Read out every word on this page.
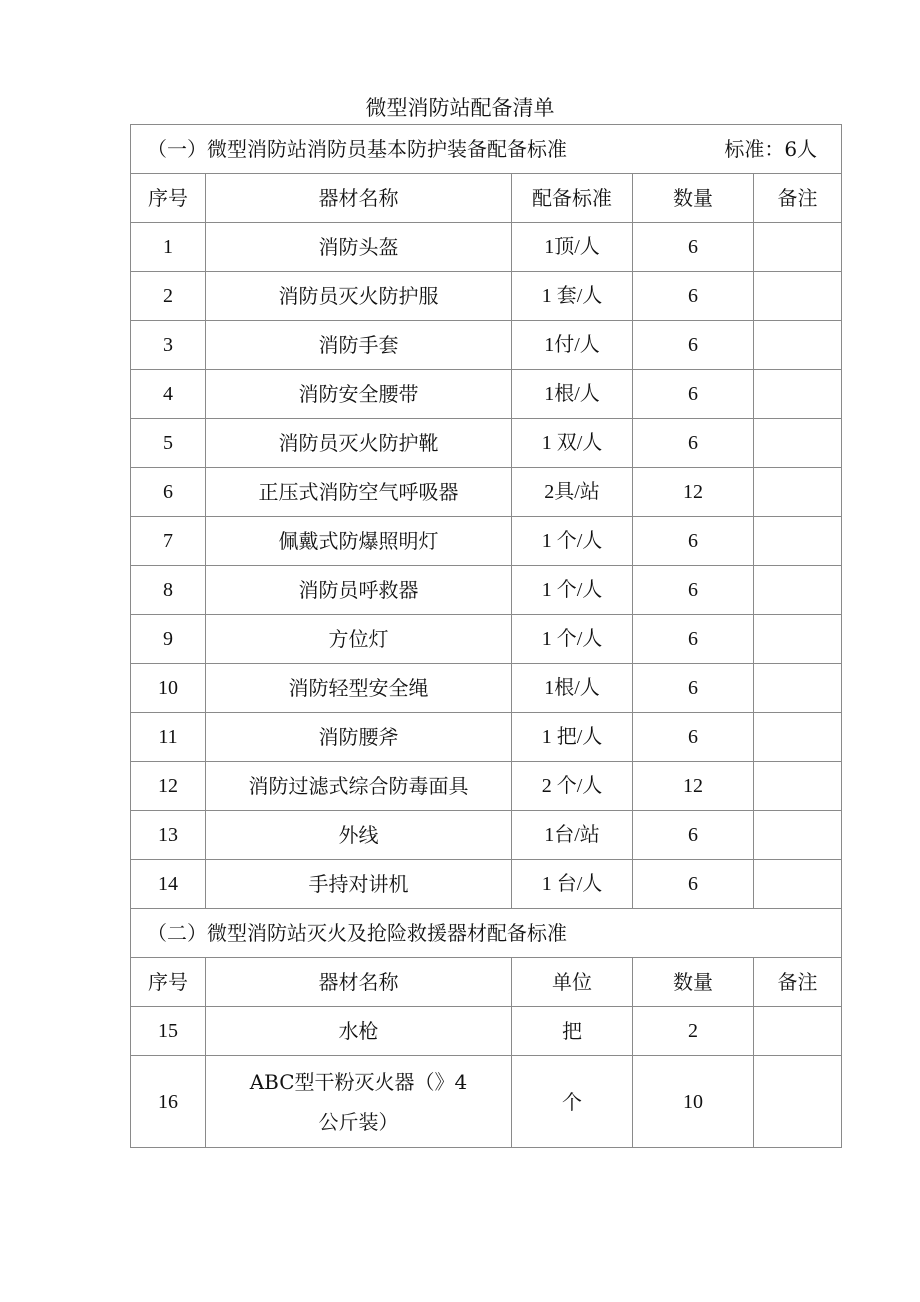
微型消防站配备清单
（一）微型消防站消防员基本防护装备配备标准 标准：6人				

序号	器材名称	配备标准	数量	备注
1	消防头盔	1顶/人	6	
2	消防员灭火防护服	1 套/人	6	
3	消防手套	1付/人	6	
4	消防安全腰带	1根/人	6	
5	消防员灭火防护靴	1 双/人	6	
6	正压式消防空气呼吸器	2具/站	12	
7	佩戴式防爆照明灯	1 个/人	6	
8	消防员呼救器	1 个/人	6	
9	方位灯	1 个/人	6	
10	消防轻型安全绳	1根/人	6	
11	消防腰斧	1 把/人	6	
12	消防过滤式综合防毒面具	2 个/人	12	
13	外线	1台/站	6	
14	手持对讲机	1 台/人	6	

（二）微型消防站灭火及抢险救援器材配备标准				

序号	器材名称	单位	数量	备注
15	水枪	把	2	
16	ABC型干粉灭火器（》4公斤装）	个	10	
